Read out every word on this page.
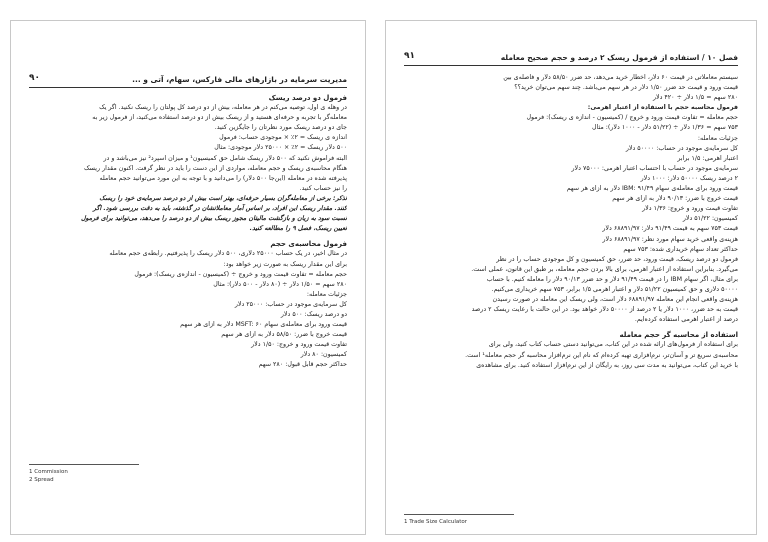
مدیریت سرمایه در بازارهای مالی فارکس، سهام، آتی و ...
۹۰

فرمول دو درصد ریسک

در وهله ی اول، توصیه می‌کنم در هر معامله، بیش از دو درصد کل پولتان را ریسک نکنید. اگر یک

معامله‌گر با تجربه و حرفه‌ای هستید و از ریسک بیش از دو درصد استفاده می‌کنید، از فرمول زیر به

جای دو درصد ریسک مورد نظرتان را جایگزین کنید.

اندازه ی ریسک = ۲٪ × موجودی حساب: فرمول

۵۰۰ دلار ریسک = ۲٪ × ۲۵۰۰۰ دلار موجودی: مثال

البته فراموش نکنید که ۵۰۰ دلار ریسک شامل حق کمیسیون¹ و میزان اسپرد² نیز می‌باشد و در

هنگام محاسبه‌ی ریسک و حجم معامله، مواردی از این دست را باید در نظر گرفت. اکنون مقدار ریسک

پذیرفته شده در معامله (این‌جا ۵۰۰ دلار) را می‌دانید و با توجه به این مورد می‌توانید حجم معامله

را نیز حساب کنید.

تذکر: برخی از معامله‌گران بسیار حرفه‌ای، بهتر است بیش از دو درصد سرمایه‌ی خود را ریسک

کنند. مقدار ریسک این افراد، بر اساس آمار معاملاتشان در گذشته، باید به دقت بررسی شود. اگر

نسبت سود به زیان و بازگشت مالیتان مجوز ریسک بیش از دو درصد را می‌دهد، می‌توانید برای فرمول

تعیین ریسک، فصل ۹ را مطالعه کنید.

فرمول محاسبه‌ی حجم

در مثال اخیر، در یک حساب ۲۵۰۰۰ دلاری، ۵۰۰ دلار ریسک را پذیرفتیم. رابطه‌ی حجم معامله

برای این مقدار ریسک به صورت زیر خواهد بود:

حجم معامله = تفاوت قیمت ورود و خروج ÷ (کمیسیون - اندازه‌ی ریسک): فرمول

۲۸۰ سهم = ۱/۵۰ دلار ÷ (۸۰ دلار - ۵۰۰ دلار): مثال

جزئیات معامله:

کل سرمایه‌ی موجود در حساب: ۲۵۰۰۰ دلار

دو درصد ریسک: ۵۰۰ دلار

قیمت ورود برای معامله‌ی سهام MSFT: ۶۰ دلار به ازای هر سهم

قیمت خروج با ضرر: ۵۸/۵۰ دلار به ازای هر سهم

تفاوت قیمت ورود و خروج: ۱/۵۰ دلار

کمیسیون: ۸۰ دلار

حداکثر حجم قابل قبول: ۲۸۰ سهم

1 Commission
2 Spread
فصل ۱۰ / استفاده از فرمول ریسک ۲ درصد و حجم صحیح معامله
۹۱

سیستم معاملاتی در قیمت ۶۰ دلار، اخطار خرید می‌دهد، حد ضرر ۵۸/۵۰ دلار و فاصله‌ی بین

قیمت ورود و قیمت حد ضرر ۱/۵۰ دلار در هر سهم می‌باشد. چند سهم می‌توان خرید؟؟

۲۸۰ سهم = ۱/۵ دلار ÷ ۴۲۰ دلار

فرمول محاسبه حجم با استفاده از اعتبار اهرمی:

حجم معامله = تفاوت قیمت ورود و خروج / (کمیسیون - اندازه ی ریسک): فرمول

۷۵۳ سهم = ۱/۳۶ دلار ÷ (۵۱/۲۲ دلار - ۱۰۰۰ دلار): مثال

جزئیات معامله:

کل سرمایه‌ی موجود در حساب: ۵۰۰۰۰ دلار

اعتبار اهرمی: ۱/۵ برابر

سرمایه‌ی موجود در حساب با احتساب اعتبار اهرمی: ۷۵۰۰۰ دلار

۲ درصد ریسک ۵۰۰۰۰ دلار: ۱۰۰۰ دلار

قیمت ورود برای معامله‌ی سهام IBM: ۹۱/۴۹ دلار به ازای هر سهم

قیمت خروج با ضرر: ۹۰/۱۳ دلار به ازای هر سهم

تفاوت قیمت ورود و خروج: ۱/۳۶ دلار

کمیسیون: ۵۱/۲۲ دلار

قیمت ۷۵۳ سهم به قیمت ۹۱/۴۹ دلار: ۶۸۸۹۱/۹۷ دلار

هزینه‌ی واقعی خرید سهام مورد نظر: ۶۸۸۹۱/۹۷ دلار

حداکثر تعداد سهام خریداری شده: ۷۵۳ سهم

فرمول دو درصد ریسک، قیمت ورود، حد ضرر، حق کمیسیون و کل موجودی حساب را در نظر

می‌گیرد. بنابراین استفاده از اعتبار اهرمی، برای بالا بردن حجم معامله، بر طبق این قانون، عملی است.

برای مثال، اگر سهام IBM را در قیمت ۹۱/۴۹ دلار و حد ضرر ۹۰/۱۳ دلار را معامله کنیم. با حساب

۵۰۰۰۰ دلاری و حق کمیسیون ۵۱/۲۲ دلار و اعتبار اهرمی ۱/۵ برابر، ۷۵۳ سهم خریداری می‌کنیم.

هزینه‌ی واقعی انجام این معامله ۶۸۸۹۱/۹۷ دلار است، ولی ریسک این معامله در صورت رسیدن

قیمت به حد ضرر، ۱۰۰۰ دلار یا ۲ درصد از ۵۰۰۰۰ دلار خواهد بود. در این حالت با رعایت ریسک ۲ درصد

درصد از اعتبار اهرمی استفاده کرده‌ایم.

استفاده از محاسبه گر حجم معامله

برای استفاده از فرمول‌های ارائه شده در این کتاب، می‌توانید دستی حساب کتاب کنید، ولی برای

محاسبه‌ی سریع تر و آسان‌تر، نرم‌افزاری تهیه کرده‌ام که نام این نرم‌افزار محاسبه گر حجم معامله¹ است.

با خرید این کتاب، می‌توانید به مدت سی روز، به رایگان از این نرم‌افزار استفاده کنید. برای مشاهده‌ی

1 Trade Size Calculator
